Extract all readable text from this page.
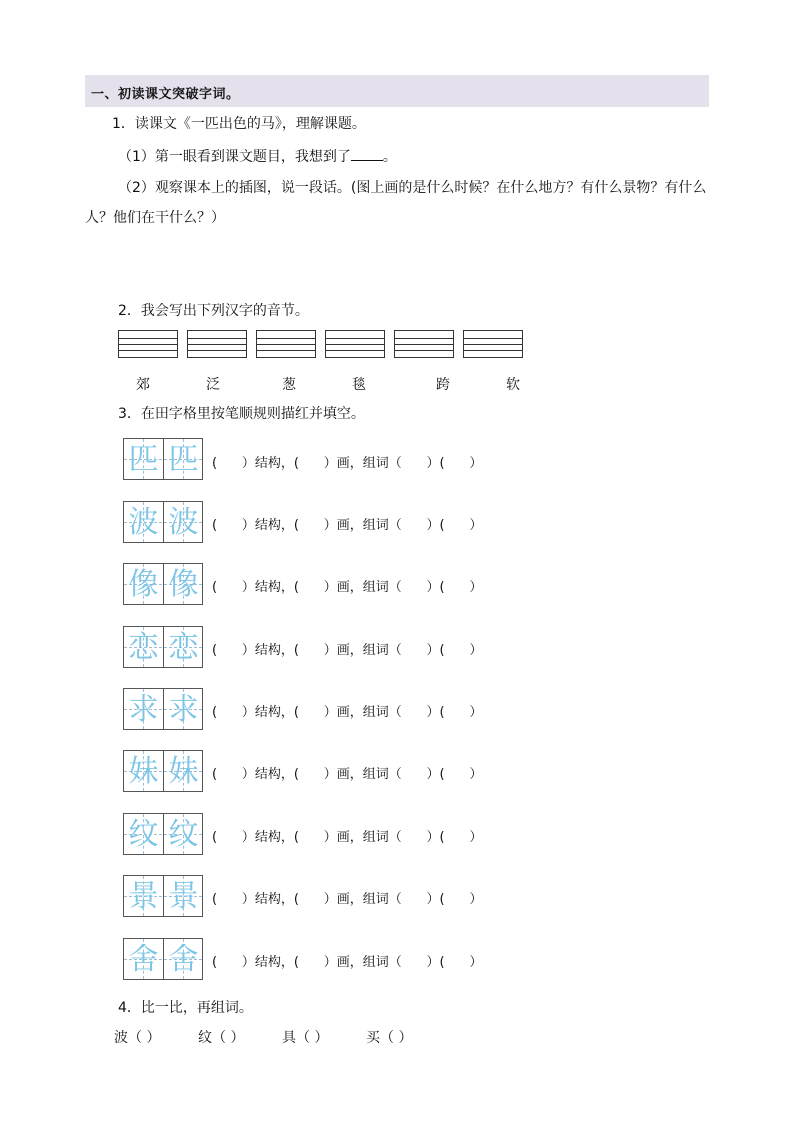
一、初读课文突破字词。
1．读课文《一匹出色的马》，理解课题。
（1）第一眼看到课文题目，我想到了 。
（2）观察课本上的插图，说一段话。(图上画的是什么时候？在什么地方？有什么景物？有什么
人？他们在干什么？）
2．我会写出下列汉字的音节。
郊	泛	葱	毯	跨	软
3．在田字格里按笔顺规则描红并填空。
匹 匹	(      ）结构，(      ）画，组词（      ）(      ）
波 波	(      ）结构，(      ）画，组词（      ）(      ）
像 像	(      ）结构，(      ）画，组词（      ）(      ）
恋 恋	(      ）结构，(      ）画，组词（      ）(      ）
求 求	(      ）结构，(      ）画，组词（      ）(      ）
妹 妹	(      ）结构，(      ）画，组词（      ）(      ）
纹 纹	(      ）结构，(      ）画，组词（      ）(      ）
景 景	(      ）结构，(      ）画，组词（      ）(      ）
舍 舍	(      ）结构，(      ）画，组词（      ）(      ）
4．比一比，再组词。
波（ ）	纹（ ）	具（ ）	买（ ）
